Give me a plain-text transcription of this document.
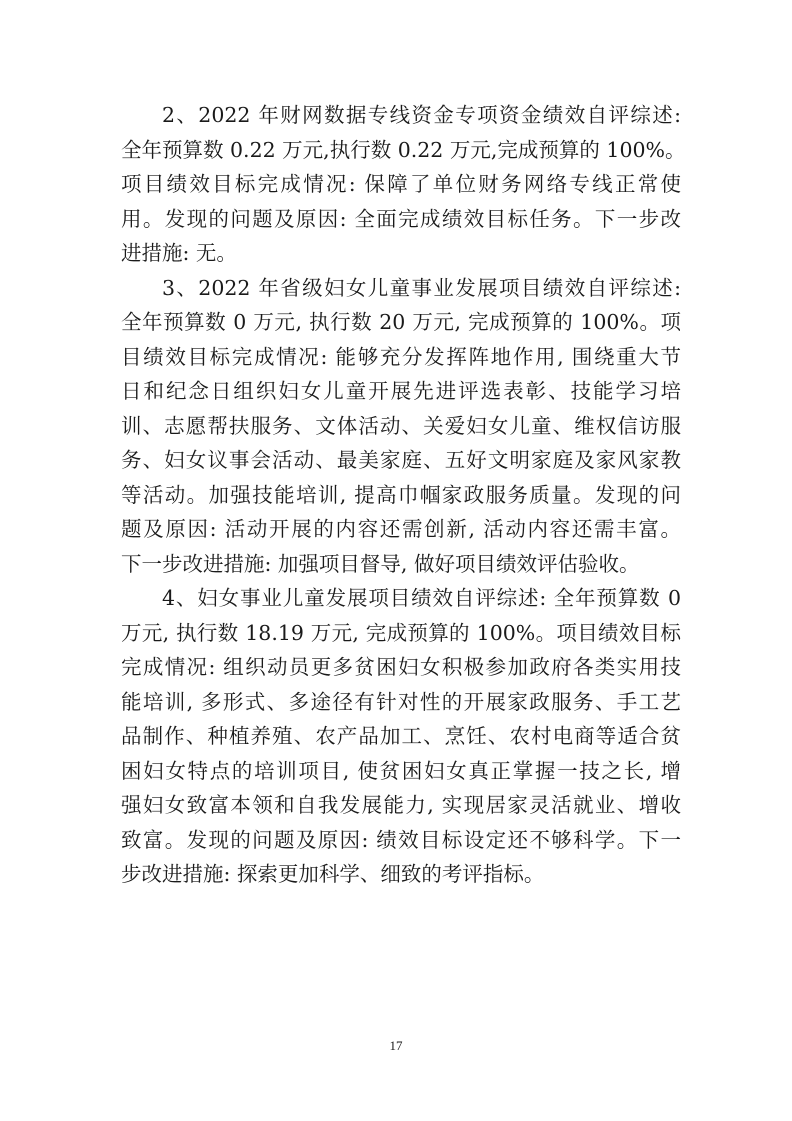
2、2022 年财网数据专线资金专项资金绩效自评综述:
全年预算数 0.22 万元,执行数 0.22 万元,完成预算的 100%。
项目绩效目标完成情况: 保障了单位财务网络专线正常使
用。发现的问题及原因: 全面完成绩效目标任务。下一步改
进措施: 无。
3、2022 年省级妇女儿童事业发展项目绩效自评综述:
全年预算数 0 万元, 执行数 20 万元, 完成预算的 100%。项
目绩效目标完成情况: 能够充分发挥阵地作用, 围绕重大节
日和纪念日组织妇女儿童开展先进评选表彰、技能学习培
训、志愿帮扶服务、文体活动、关爱妇女儿童、维权信访服
务、妇女议事会活动、最美家庭、五好文明家庭及家风家教
等活动。加强技能培训, 提高巾帼家政服务质量。发现的问
题及原因: 活动开展的内容还需创新, 活动内容还需丰富。
下一步改进措施: 加强项目督导, 做好项目绩效评估验收。
4、妇女事业儿童发展项目绩效自评综述: 全年预算数 0
万元, 执行数 18.19 万元, 完成预算的 100%。项目绩效目标
完成情况: 组织动员更多贫困妇女积极参加政府各类实用技
能培训, 多形式、多途径有针对性的开展家政服务、手工艺
品制作、种植养殖、农产品加工、烹饪、农村电商等适合贫
困妇女特点的培训项目, 使贫困妇女真正掌握一技之长, 增
强妇女致富本领和自我发展能力, 实现居家灵活就业、增收
致富。发现的问题及原因: 绩效目标设定还不够科学。下一
步改进措施: 探索更加科学、细致的考评指标。
17
